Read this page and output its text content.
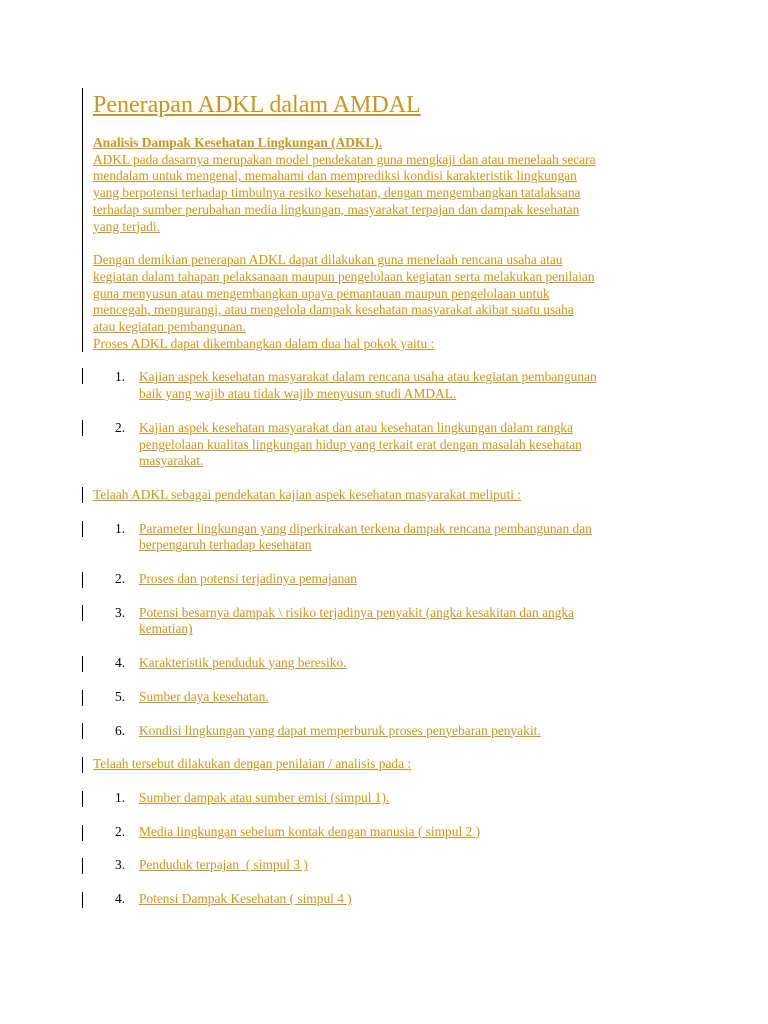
Penerapan ADKL dalam AMDAL
Analisis Dampak Kesehatan Lingkungan (ADKL).
ADKL pada dasarnya merupakan model pendekatan guna mengkaji dan atau menelaah secara
mendalam untuk mengenal, memahami dan memprediksi kondisi karakteristik lingkungan
yang berpotensi terhadap timbulnya resiko kesehatan, dengan mengembangkan tatalaksana
terhadap sumber perubahan media lingkungan, masyarakat terpajan dan dampak kesehatan
yang terjadi.
Dengan demikian penerapan ADKL dapat dilakukan guna menelaah rencana usaha atau
kegiatan dalam tahapan pelaksanaan maupun pengelolaan kegiatan serta melakukan penilaian
guna menyusun atau mengembangkan upaya pemantauan maupun pengelolaan untuk
mencegah, mengurangi, atau mengelola dampak kesehatan masyarakat akibat suatu usaha
atau kegiatan pembangunan.
Proses ADKL dapat dikembangkan dalam dua hal pokok yaitu :
1. Kajian aspek kesehatan masyarakat dalam rencana usaha atau kegiatan pembangunan
baik yang wajib atau tidak wajib menyusun studi AMDAL.
2. Kajian aspek kesehatan masyarakat dan atau kesehatan lingkungan dalam rangka
pengelolaan kualitas lingkungan hidup yang terkait erat dengan masalah kesehatan
masyarakat.
Telaah ADKL sebagai pendekatan kajian aspek kesehatan masyarakat meliputi :
1. Parameter lingkungan yang diperkirakan terkena dampak rencana pembangunan dan
berpengaruh terhadap kesehatan
2. Proses dan potensi terjadinya pemajanan
3. Potensi besarnya dampak \ risiko terjadinya penyakit (angka kesakitan dan angka
kematian)
4. Karakteristik penduduk yang beresiko.
5. Sumber daya kesehatan.
6. Kondisi lingkungan yang dapat memperburuk proses penyebaran penyakit.
Telaah tersebut dilakukan dengan penilaian / analisis pada :
1. Sumber dampak atau sumber emisi (simpul 1).
2. Media lingkungan sebelum kontak dengan manusia ( simpul 2 )
3. Penduduk terpajan  ( simpul 3 )
4. Potensi Dampak Kesehatan ( simpul 4 )
